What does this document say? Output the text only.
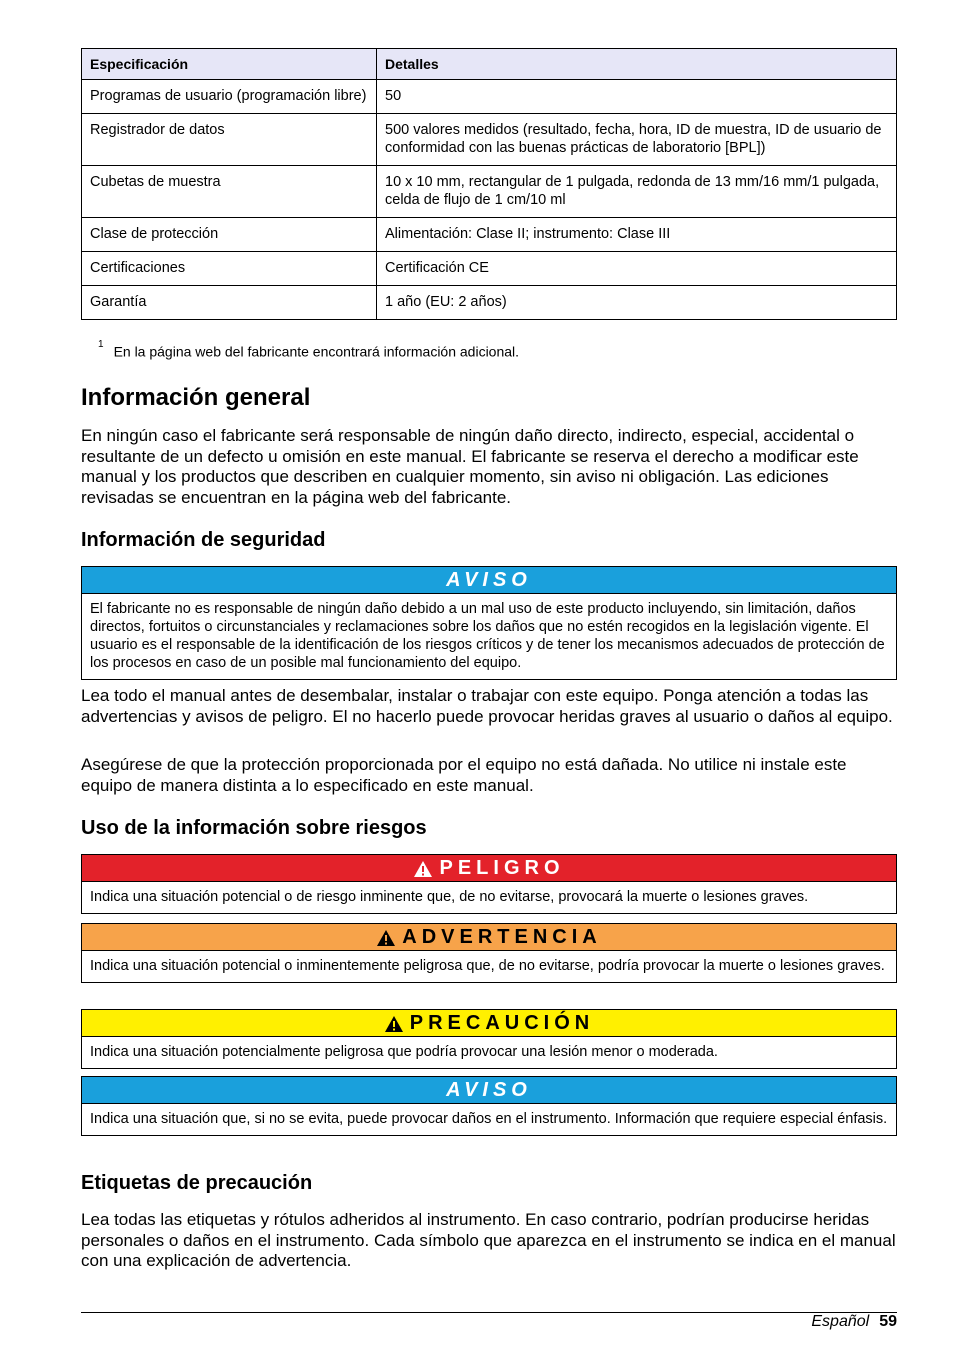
Especificación	Detalles
Programas de usuario (programación libre)	50
Registrador de datos	500 valores medidos (resultado, fecha, hora, ID de muestra, ID de usuario de conformidad con las buenas prácticas de laboratorio [BPL])
Cubetas de muestra	10 x 10 mm, rectangular de 1 pulgada, redonda de 13 mm/16 mm/1 pulgada, celda de flujo de 1 cm/10 ml
Clase de protección	Alimentación: Clase II; instrumento: Clase III
Certificaciones	Certificación CE
Garantía	1 año (EU: 2 años)
$^1$ En la página web del fabricante encontrará información adicional.
Información general

En ningún caso el fabricante será responsable de ningún daño directo, indirecto, especial, accidental o resultante de un defecto u omisión en este manual. El fabricante se reserva el derecho a modificar este manual y los productos que describen en cualquier momento, sin aviso ni obligación. Las ediciones revisadas se encuentran en la página web del fabricante.

Información de seguridad
AVISO
El fabricante no es responsable de ningún daño debido a un mal uso de este producto incluyendo, sin limitación, daños directos, fortuitos o circunstanciales y reclamaciones sobre los daños que no estén recogidos en la legislación vigente. El usuario es el responsable de la identificación de los riesgos críticos y de tener los mecanismos adecuados de protección de los procesos en caso de un posible mal funcionamiento del equipo.

Lea todo el manual antes de desembalar, instalar o trabajar con este equipo. Ponga atención a todas las advertencias y avisos de peligro. El no hacerlo puede provocar heridas graves al usuario o daños al equipo.

Asegúrese de que la protección proporcionada por el equipo no está dañada. No utilice ni instale este equipo de manera distinta a lo especificado en este manual.

Uso de la información sobre riesgos
PELIGRO
Indica una situación potencial o de riesgo inminente que, de no evitarse, provocará la muerte o lesiones graves.
ADVERTENCIA
Indica una situación potencial o inminentemente peligrosa que, de no evitarse, podría provocar la muerte o lesiones graves.
PRECAUCIÓN
Indica una situación potencialmente peligrosa que podría provocar una lesión menor o moderada.
AVISO
Indica una situación que, si no se evita, puede provocar daños en el instrumento. Información que requiere especial énfasis.
Etiquetas de precaución

Lea todas las etiquetas y rótulos adheridos al instrumento. En caso contrario, podrían producirse heridas personales o daños en el instrumento. Cada símbolo que aparezca en el instrumento se indica en el manual con una explicación de advertencia.

Español 59
